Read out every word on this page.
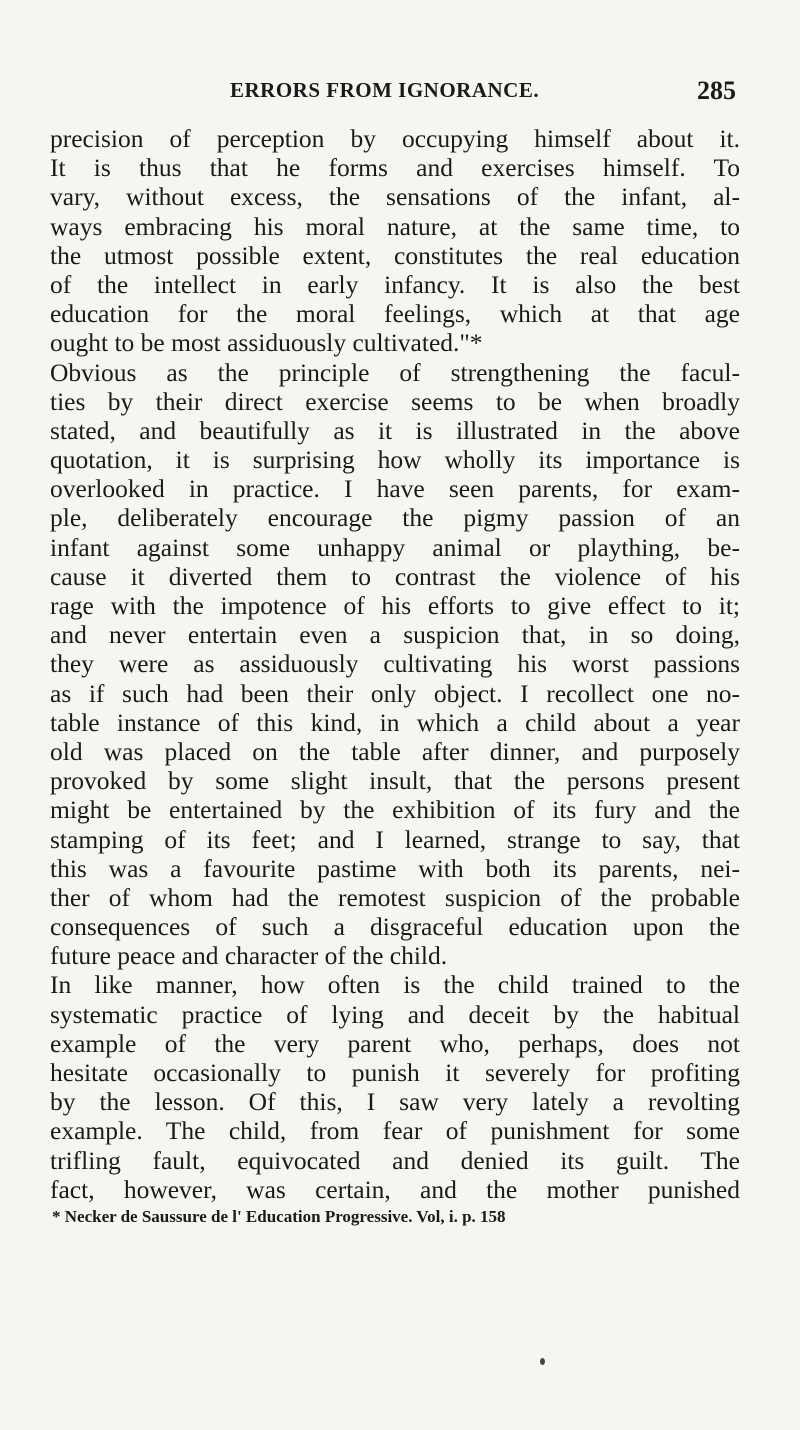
ERRORS FROM IGNORANCE.	285
precision of perception by occupying himself about it.
It is thus that he forms and exercises himself. To
vary, without excess, the sensations of the infant, al-
ways embracing his moral nature, at the same time, to
the utmost possible extent, constitutes the real education
of the intellect in early infancy. It is also the best
education for the moral feelings, which at that age
ought to be most assiduously cultivated."*
Obvious as the principle of strengthening the facul-
ties by their direct exercise seems to be when broadly
stated, and beautifully as it is illustrated in the above
quotation, it is surprising how wholly its importance is
overlooked in practice. I have seen parents, for exam-
ple, deliberately encourage the pigmy passion of an
infant against some unhappy animal or plaything, be-
cause it diverted them to contrast the violence of his
rage with the impotence of his efforts to give effect to it;
and never entertain even a suspicion that, in so doing,
they were as assiduously cultivating his worst passions
as if such had been their only object. I recollect one no-
table instance of this kind, in which a child about a year
old was placed on the table after dinner, and purposely
provoked by some slight insult, that the persons present
might be entertained by the exhibition of its fury and the
stamping of its feet; and I learned, strange to say, that
this was a favourite pastime with both its parents, nei-
ther of whom had the remotest suspicion of the probable
consequences of such a disgraceful education upon the
future peace and character of the child.
In like manner, how often is the child trained to the
systematic practice of lying and deceit by the habitual
example of the very parent who, perhaps, does not
hesitate occasionally to punish it severely for profiting
by the lesson. Of this, I saw very lately a revolting
example. The child, from fear of punishment for some
trifling fault, equivocated and denied its guilt. The
fact, however, was certain, and the mother punished
* Necker de Saussure de l' Education Progressive. Vol, i. p. 158
